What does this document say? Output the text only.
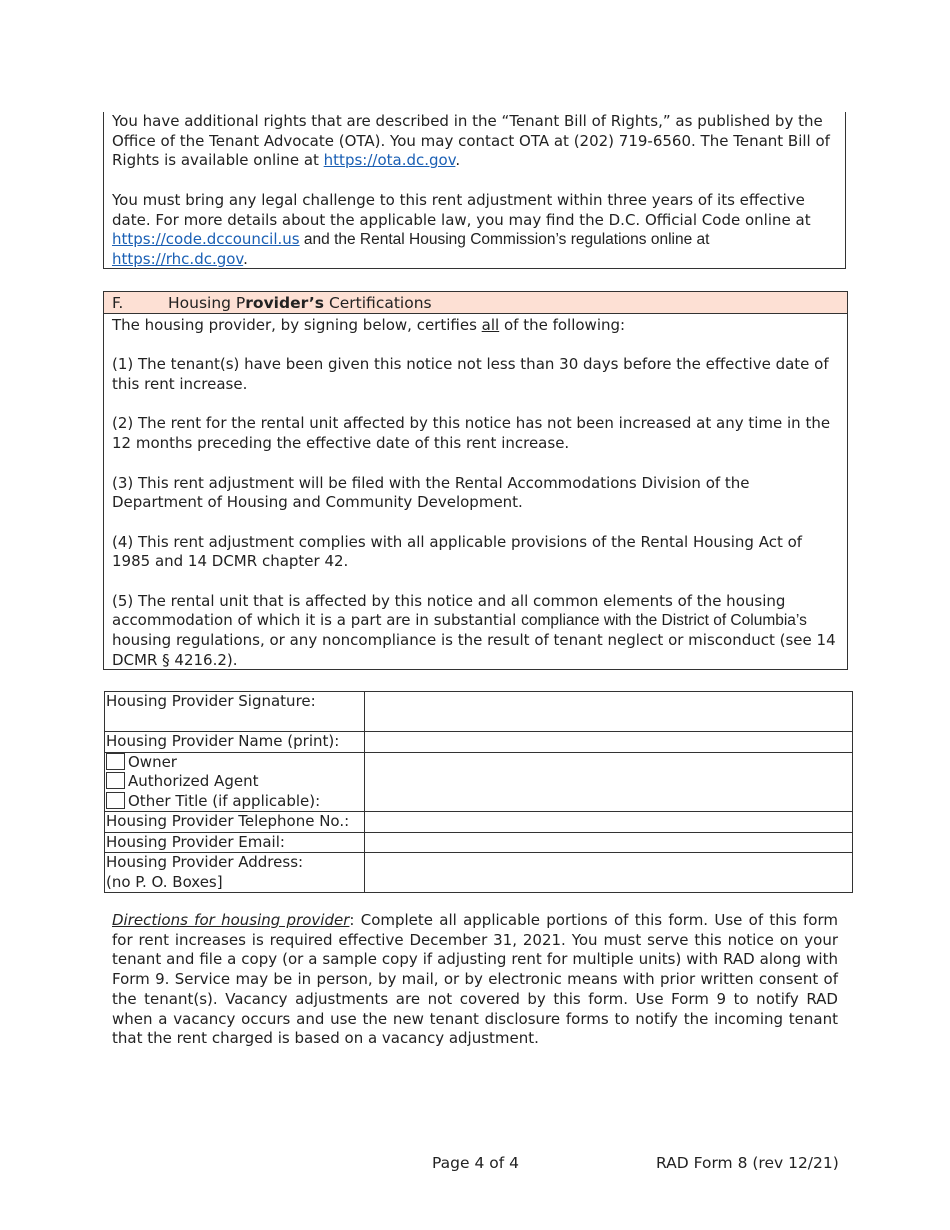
You have additional rights that are described in the “Tenant Bill of Rights,” as published by the Office of the Tenant Advocate (OTA). You may contact OTA at (202) 719-6560. The Tenant Bill of Rights is available online at https://ota.dc.gov.

You must bring any legal challenge to this rent adjustment within three years of its effective date. For more details about the applicable law, you may find the D.C. Official Code online at https://code.dccouncil.us and the Rental Housing Commission’s regulations online at
https://rhc.dc.gov.

F.	Housing Provider’s Certifications

The housing provider, by signing below, certifies all of the following:

(1) The tenant(s) have been given this notice not less than 30 days before the effective date of this rent increase.

(2) The rent for the rental unit affected by this notice has not been increased at any time in the 12 months preceding the effective date of this rent increase.

(3) This rent adjustment will be filed with the Rental Accommodations Division of the Department of Housing and Community Development.

(4) This rent adjustment complies with all applicable provisions of the Rental Housing Act of 1985 and 14 DCMR chapter 42.

(5) The rental unit that is affected by this notice and all common elements of the housing accommodation of which it is a part are in substantial compliance with the District of Columbia’s housing regulations, or any noncompliance is the result of tenant neglect or misconduct (see 14 DCMR § 4216.2).

Housing Provider Signature:	
Housing Provider Name (print):	

Owner
Authorized Agent
Other Title (if applicable):	

Housing Provider Telephone No.:	
Housing Provider Email:	

Housing Provider Address:
(no P. O. Boxes]	

Directions for housing provider: Complete all applicable portions of this form. Use of this form for rent increases is required effective December 31, 2021. You must serve this notice on your tenant and file a copy (or a sample copy if adjusting rent for multiple units) with RAD along with Form 9. Service may be in person, by mail, or by electronic means with prior written consent of the tenant(s). Vacancy adjustments are not covered by this form. Use Form 9 to notify RAD when a vacancy occurs and use the new tenant disclosure forms to notify the incoming tenant that the rent charged is based on a vacancy adjustment.
Page 4 of 4	RAD Form 8 (rev 12/21)
